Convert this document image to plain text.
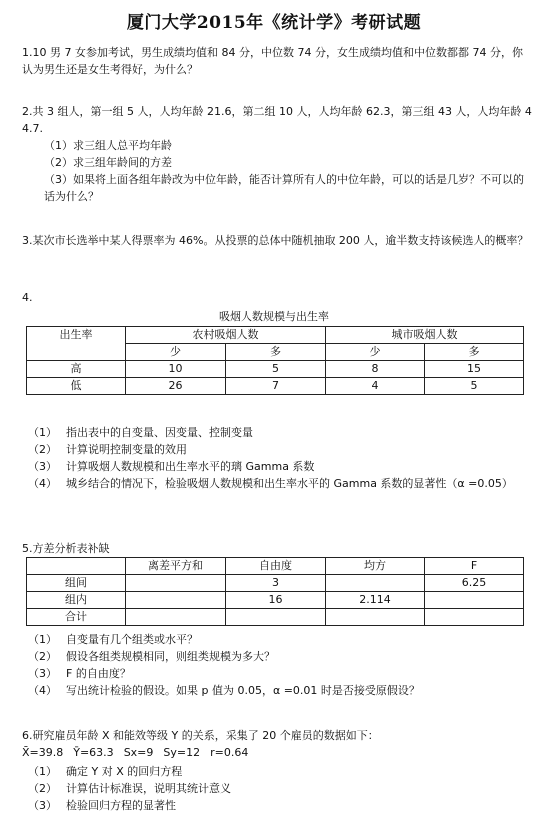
厦门大学2015年《统计学》考研试题

1.10 男 7 女参加考试，男生成绩均值和 84 分，中位数 74 分，女生成绩均值和中位数都都 74 分，你认为男生还是女生考得好，为什么？

2.共 3 组人，第一组 5 人，人均年龄 21.6，第二组 10 人，人均年龄 62.3，第三组 43 人，人均年龄 44.7.

（1）求三组人总平均年龄

（2）求三组年龄间的方差

（3）如果将上面各组年龄改为中位年龄，能否计算所有人的中位年龄，可以的话是几岁？不可以的话为什么？

3.某次市长选举中某人得票率为 46%。从投票的总体中随机抽取 200 人，逾半数支持该候选人的概率？

4.
吸烟人数规模与出生率
出生率	农村吸烟人数		城市吸烟人数	
	少	多	少	多
高	10	5	8	15
低	26	7	4	5
（1） 指出表中的自变量、因变量、控制变量
（2） 计算说明控制变量的效用
（3） 计算吸烟人数规模和出生率水平的璃 Gamma 系数
（4） 城乡结合的情况下，检验吸烟人数规模和出生率水平的 Gamma 系数的显著性（α =0.05）
5.方差分析表补缺
	离差平方和	自由度	均方	F
组间		3		6.25
组内		16	2.114	
合计				
（1） 自变量有几个组类或水平？
（2） 假设各组类规模相同，则组类规模为多大？
（3） F 的自由度？
（4） 写出统计检验的假设。如果 p 值为 0.05，α =0.01 时是否接受原假设？

6.研究雇员年龄 X 和能效等级 Y 的关系，采集了 20 个雇员的数据如下：

X̄=39.8 Ȳ=63.3 Sx=9 Sy=12 r=0.64
（1） 确定 Y 对 X 的回归方程
（2） 计算估计标准误，说明其统计意义
（3） 检验回归方程的显著性
